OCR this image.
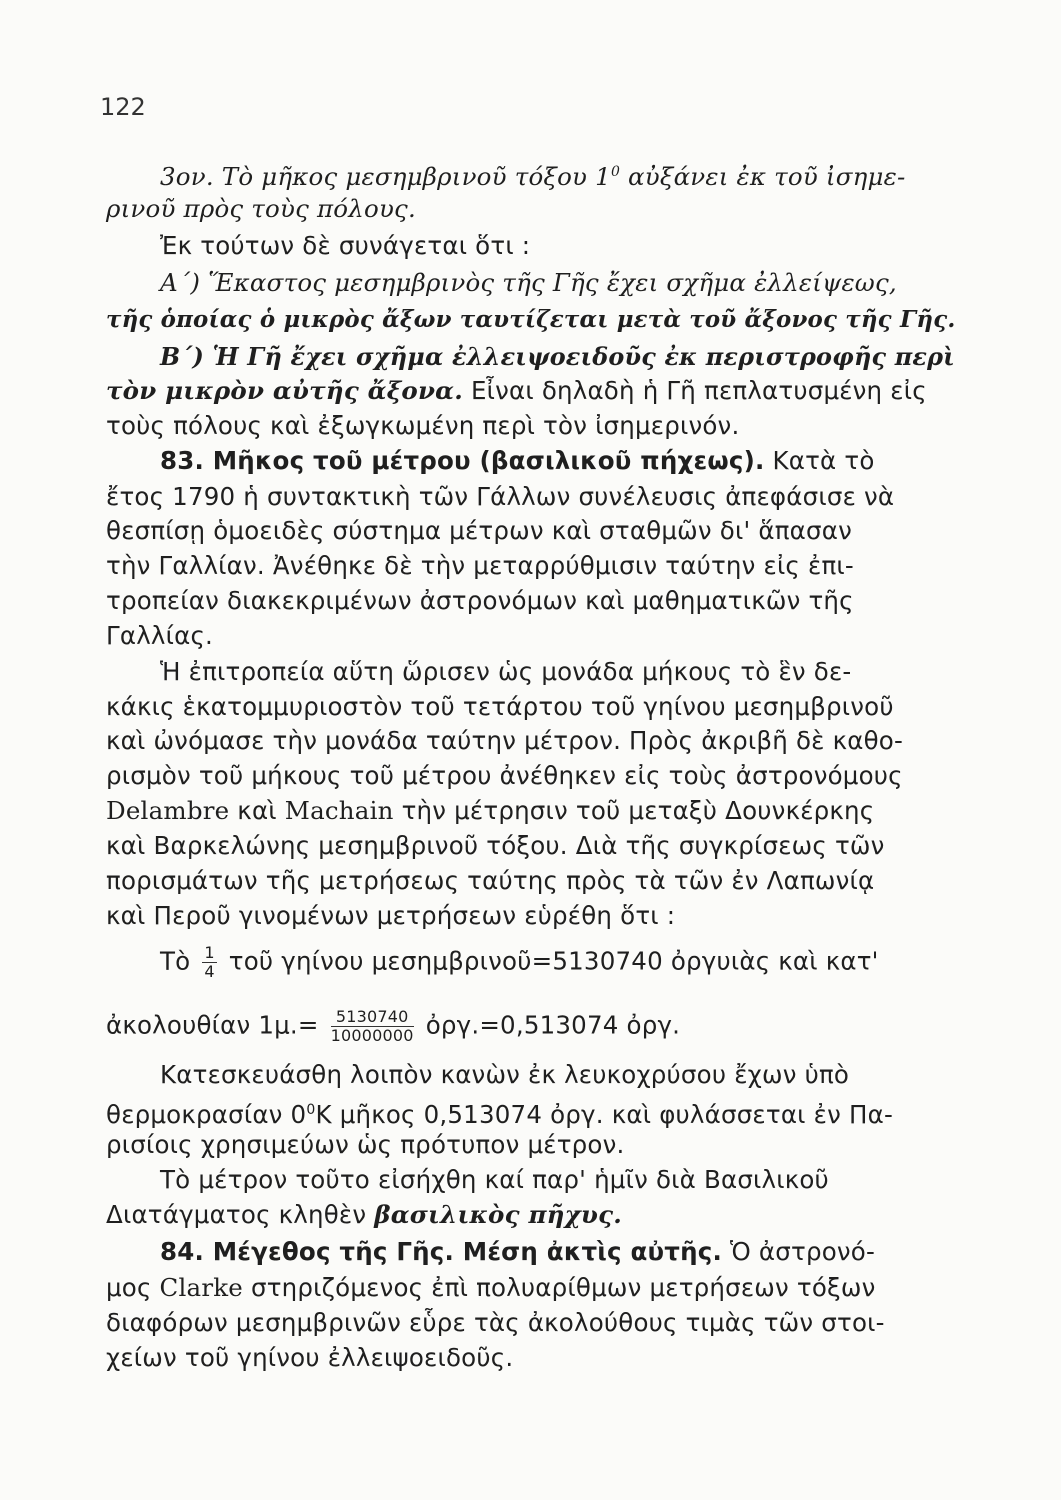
122
3ον. Τὸ μῆκος μεσημβρινοῦ τόξου $1^0$ αὐξάνει ἐκ τοῦ ἰσημε-
ρινοῦ πρὸς τοὺς πόλους.
Ἐκ τούτων δὲ συνάγεται ὅτι :
Α΄) Ἕκαστος μεσημβρινὸς τῆς Γῆς ἔχει σχῆμα ἐλλείψεως,
τῆς ὁποίας ὁ μικρὸς ἄξων ταυτίζεται μετὰ τοῦ ἄξονος τῆς Γῆς.
Β΄) Ἡ Γῆ ἔχει σχῆμα ἐλλειψοειδοῦς ἐκ περιστροφῆς περὶ
τὸν μικρὸν αὐτῆς ἄξονα. Εἶναι δηλαδὴ ἡ Γῆ πεπλατυσμένη εἰς
τοὺς πόλους καὶ ἐξωγκωμένη περὶ τὸν ἰσημερινόν.
83. Μῆκος τοῦ μέτρου (βασιλικοῦ πήχεως). Κατὰ τὸ
ἔτος 1790 ἡ συντακτικὴ τῶν Γάλλων συνέλευσις ἀπεφάσισε νὰ
θεσπίσῃ ὁμοειδὲς σύστημα μέτρων καὶ σταθμῶν δι' ἅπασαν
τὴν Γαλλίαν. Ἀνέθηκε δὲ τὴν μεταρρύθμισιν ταύτην εἰς ἐπι-
τροπείαν διακεκριμένων ἀστρονόμων καὶ μαθηματικῶν τῆς
Γαλλίας.
Ἡ ἐπιτροπεία αὕτη ὥρισεν ὡς μονάδα μήκους τὸ ἓν δε-
κάκις ἑκατομμυριοστὸν τοῦ τετάρτου τοῦ γηίνου μεσημβρινοῦ
καὶ ὠνόμασε τὴν μονάδα ταύτην μέτρον. Πρὸς ἀκριβῆ δὲ καθο-
ρισμὸν τοῦ μήκους τοῦ μέτρου ἀνέθηκεν εἰς τοὺς ἀστρονόμους
Delambre καὶ Machain τὴν μέτρησιν τοῦ μεταξὺ Δουνκέρκης
καὶ Βαρκελώνης μεσημβρινοῦ τόξου. Διὰ τῆς συγκρίσεως τῶν
πορισμάτων τῆς μετρήσεως ταύτης πρὸς τὰ τῶν ἐν Λαπωνίᾳ
καὶ Περοῦ γινομένων μετρήσεων εὑρέθη ὅτι :
Τὸ $\frac{1}{4}$ τοῦ γηίνου μεσημβρινοῦ=5130740 ὀργυιὰς καὶ κατ'
ἀκολουθίαν $1\mu.= \frac{5130740}{10000000}$ ὀργ.=0,513074 ὀργ.
Κατεσκευάσθη λοιπὸν κανὼν ἐκ λευκοχρύσου ἔχων ὑπὸ
θερμοκρασίαν $0^0K$ μῆκος 0,513074 ὀργ. καὶ φυλάσσεται ἐν Πα-
ρισίοις χρησιμεύων ὡς πρότυπον μέτρον.
Τὸ μέτρον τοῦτο εἰσήχθη καί παρ' ἡμῖν διὰ Βασιλικοῦ
Διατάγματος κληθὲν βασιλικὸς πῆχυς.
84. Μέγεθος τῆς Γῆς. Μέση ἀκτὶς αὐτῆς. Ὁ ἀστρονό-
μος Clarke στηριζόμενος ἐπὶ πολυαρίθμων μετρήσεων τόξων
διαφόρων μεσημβρινῶν εὗρε τὰς ἀκολούθους τιμὰς τῶν στοι-
χείων τοῦ γηίνου ἐλλειψοειδοῦς.
